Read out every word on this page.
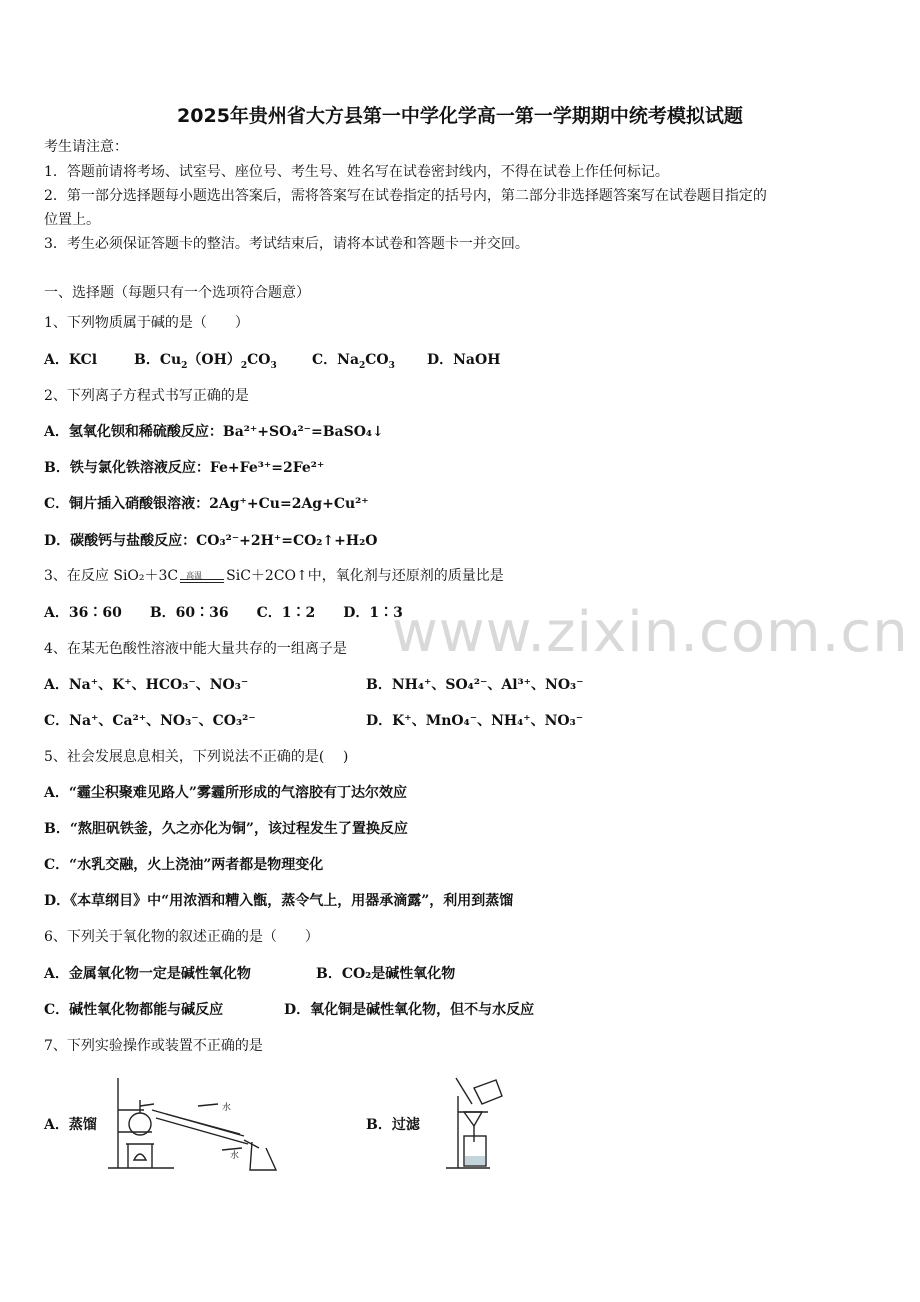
www.zixin.com.cn
2025年贵州省大方县第一中学化学高一第一学期期中统考模拟试题
考生请注意：
1．答题前请将考场、试室号、座位号、考生号、姓名写在试卷密封线内，不得在试卷上作任何标记。
2．第一部分选择题每小题选出答案后，需将答案写在试卷指定的括号内，第二部分非选择题答案写在试卷题目指定的
位置上。
3．考生必须保证答题卡的整洁。考试结束后，请将本试卷和答题卡一并交回。
一、选择题（每题只有一个选项符合题意）
1、下列物质属于碱的是（　　）
A．KCl	B．$Cu_2(OH)_2CO_3$	C．$Na_2CO_3$ D．NaOH
2、下列离子方程式书写正确的是
A．氢氧化钡和稀硫酸反应：Ba²⁺+SO₄²⁻=BaSO₄↓
B．铁与氯化铁溶液反应：Fe+Fe³⁺=2Fe²⁺
C．铜片插入硝酸银溶液：2Ag⁺+Cu=2Ag+Cu²⁺
D．碳酸钙与盐酸反应：CO₃²⁻+2H⁺=CO₂↑+H₂O
3、在反应 SiO₂＋3C 高温 SiC＋2CO↑中，氧化剂与还原剂的质量比是
A．36∶60　　B．60∶36　　C．1∶2　　D．1∶3
4、在某无色酸性溶液中能大量共存的一组离子是
A．Na⁺、K⁺、HCO₃⁻、NO₃⁻	B．NH₄⁺、SO₄²⁻、Al³⁺、NO₃⁻
C．Na⁺、Ca²⁺、NO₃⁻、CO₃²⁻	D．K⁺、MnO₄⁻、NH₄⁺、NO₃⁻
5、社会发展息息相关，下列说法不正确的是(　 )
A．“霾尘积聚难见路人”雾霾所形成的气溶胶有丁达尔效应
B．“熬胆矾铁釜，久之亦化为铜”，该过程发生了置换反应
C．“水乳交融，火上浇油”两者都是物理变化
D．《本草纲目》中“用浓酒和糟入甑，蒸令气上，用器承滴露”，利用到蒸馏
6、下列关于氧化物的叙述正确的是（　　）
A．金属氧化物一定是碱性氧化物	B．CO₂是碱性氧化物
C．碱性氧化物都能与碱反应	D．氧化铜是碱性氧化物，但不与水反应
7、下列实验操作或装置不正确的是
A．蒸馏	B．过滤
水
水
